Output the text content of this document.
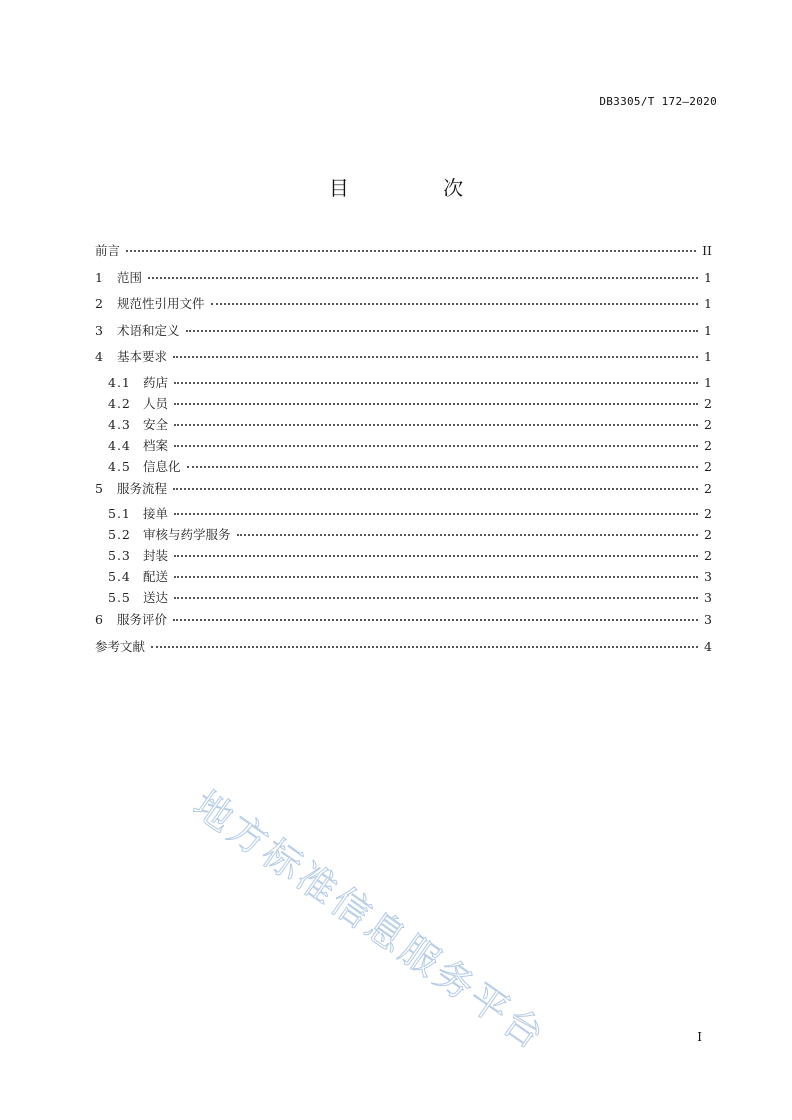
DB3305/T 172—2020
目 次
前言	II
1	范围	1
2	规范性引用文件	1
3	术语和定义	1
4	基本要求	1
4.1 药店	1
4.2 人员	2
4.3 安全	2
4.4 档案	2
4.5 信息化	2
5	服务流程	2
5.1 接单	2
5.2 审核与药学服务	2
5.3 封装	2
5.4 配送	3
5.5 送达	3
6	服务评价	3
参考文献	4
I
地方标准信息服务平台
